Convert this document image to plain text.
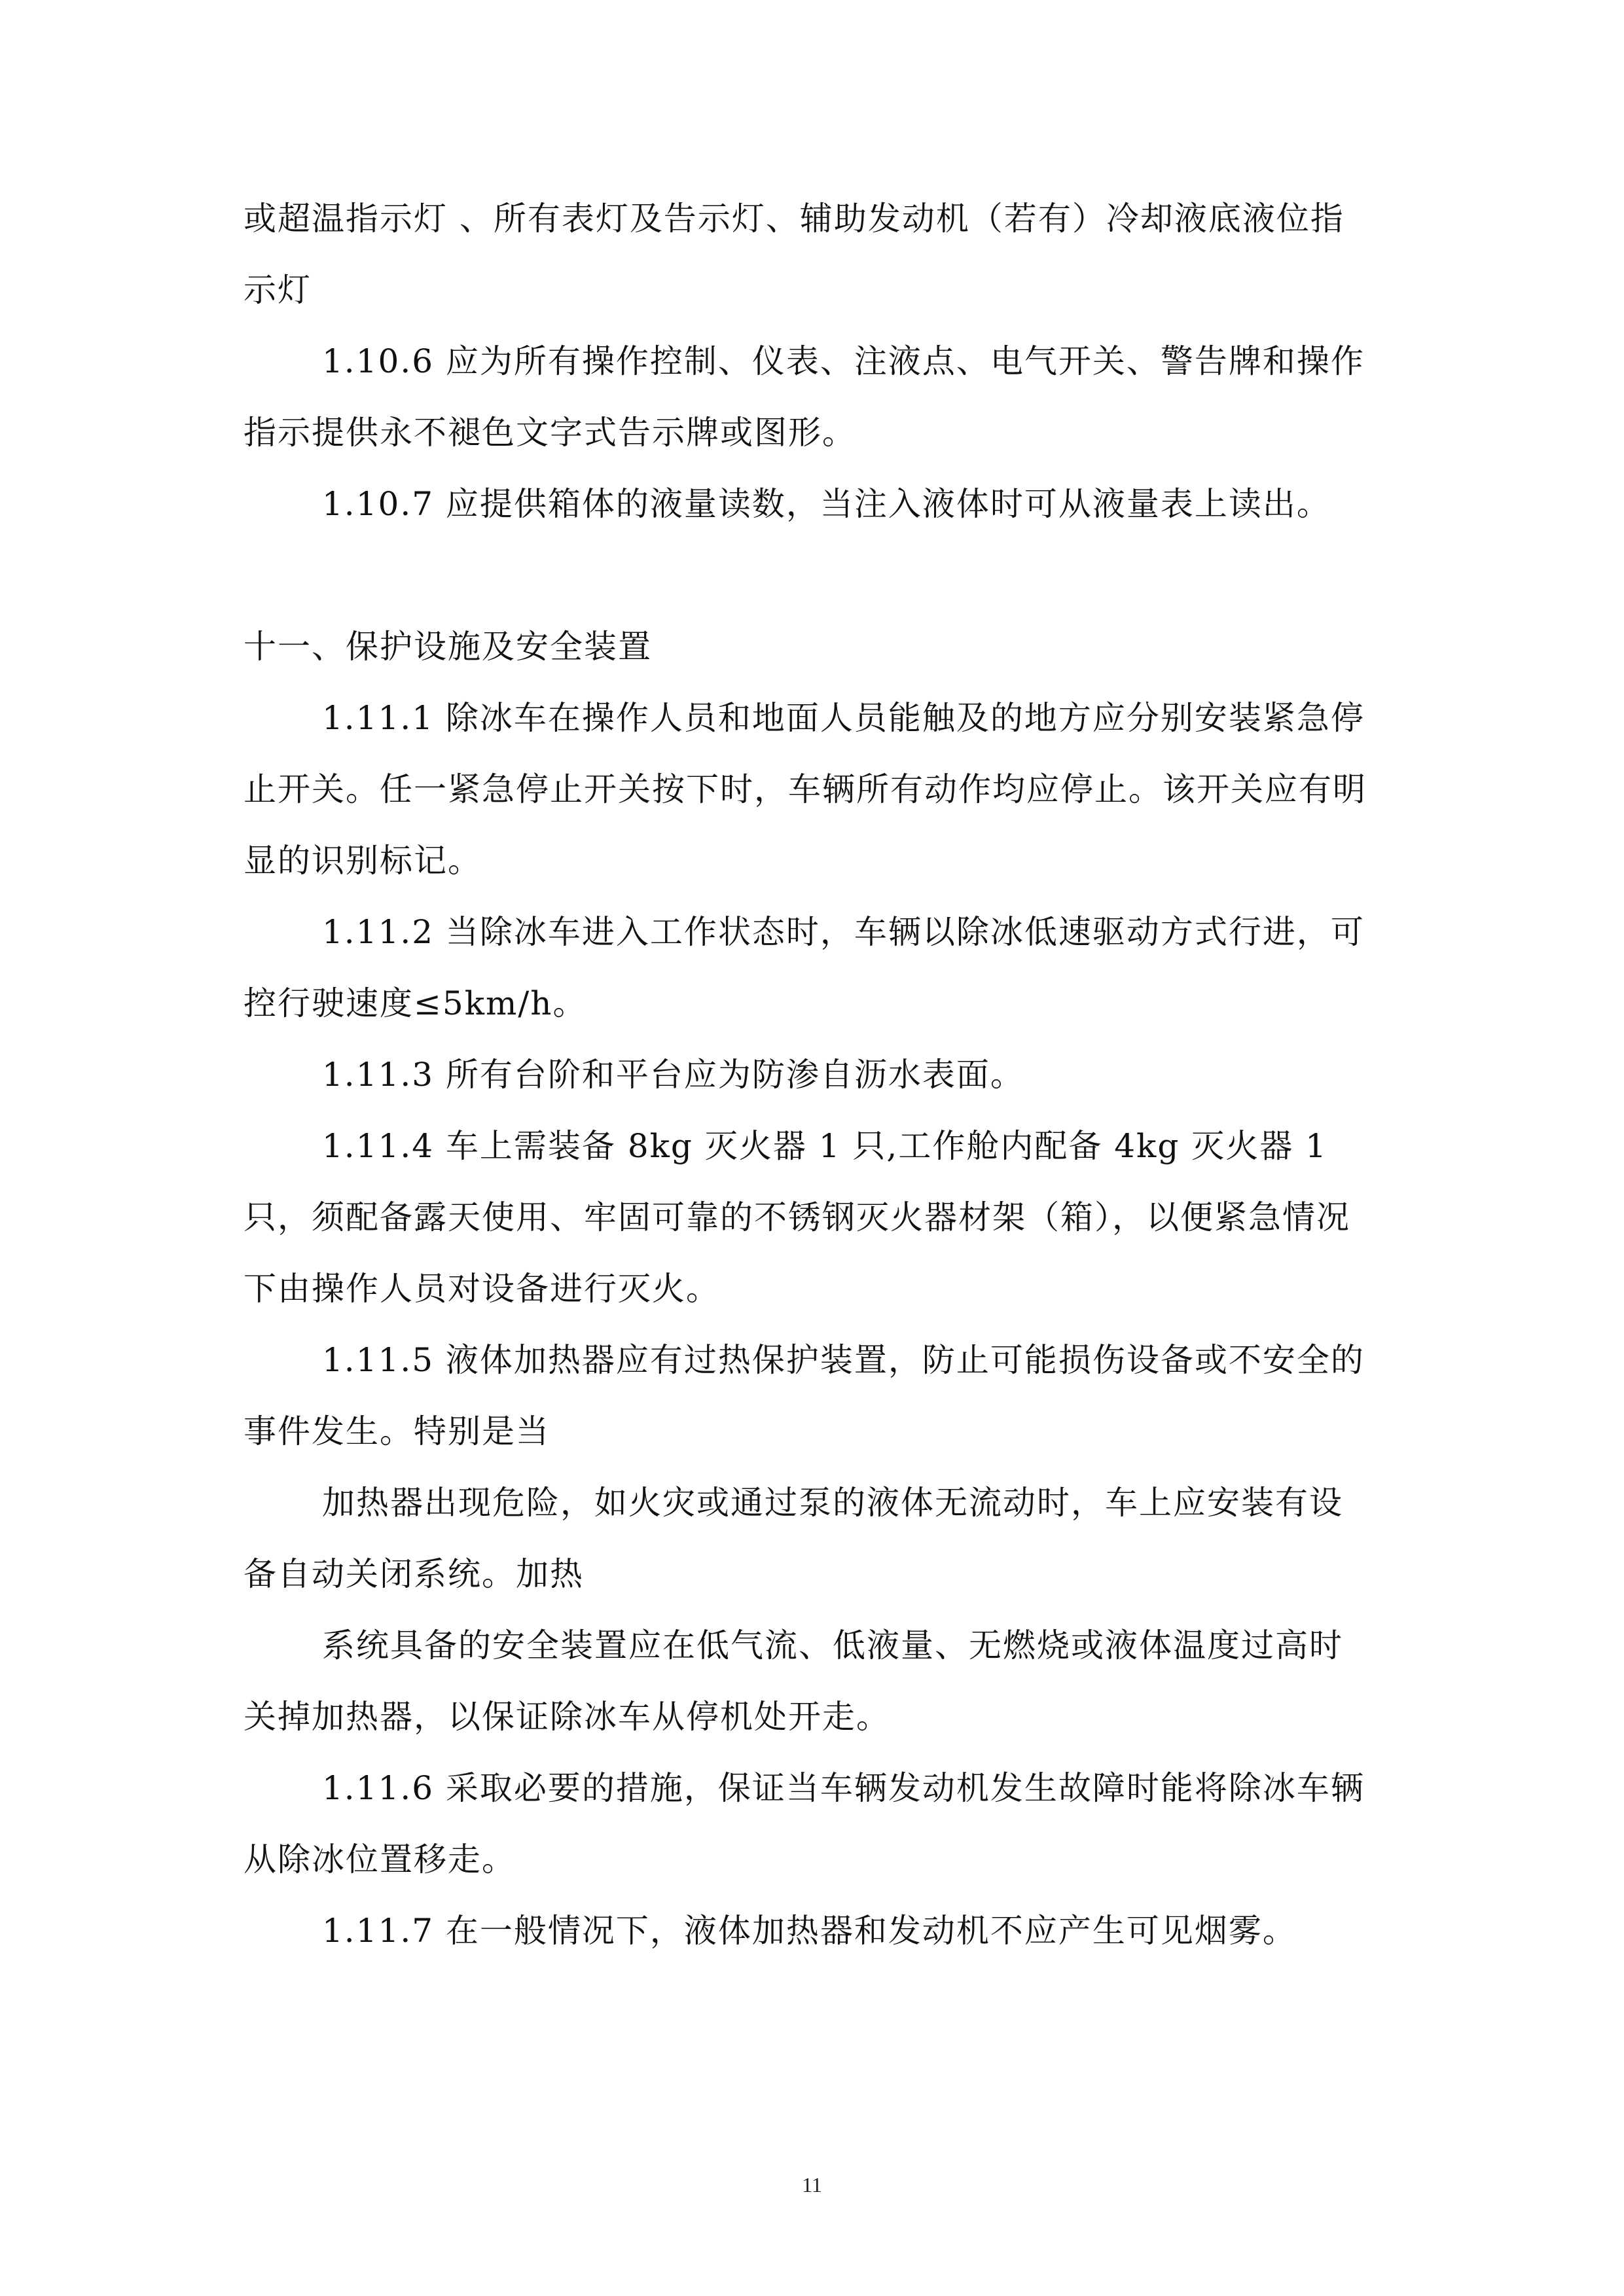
或超温指示灯 、所有表灯及告示灯、辅助发动机（若有）冷却液底液位指示灯

1.10.6 应为所有操作控制、仪表、注液点、电气开关、警告牌和操作指示提供永不褪色文字式告示牌或图形。

1.10.7 应提供箱体的液量读数，当注入液体时可从液量表上读出。

十一、保护设施及安全装置

1.11.1 除冰车在操作人员和地面人员能触及的地方应分别安装紧急停止开关。任一紧急停止开关按下时，车辆所有动作均应停止。该开关应有明显的识别标记。

1.11.2 当除冰车进入工作状态时，车辆以除冰低速驱动方式行进，可控行驶速度≤5km/h。

1.11.3 所有台阶和平台应为防渗自沥水表面。

1.11.4 车上需装备 8kg 灭火器 1 只,工作舱内配备 4kg 灭火器 1 只，须配备露天使用、牢固可靠的不锈钢灭火器材架（箱），以便紧急情况下由操作人员对设备进行灭火。

1.11.5 液体加热器应有过热保护装置，防止可能损伤设备或不安全的事件发生。特别是当

加热器出现危险，如火灾或通过泵的液体无流动时，车上应安装有设备自动关闭系统。加热

系统具备的安全装置应在低气流、低液量、无燃烧或液体温度过高时关掉加热器，以保证除冰车从停机处开走。

1.11.6 采取必要的措施，保证当车辆发动机发生故障时能将除冰车辆从除冰位置移走。

1.11.7 在一般情况下，液体加热器和发动机不应产生可见烟雾。

11
